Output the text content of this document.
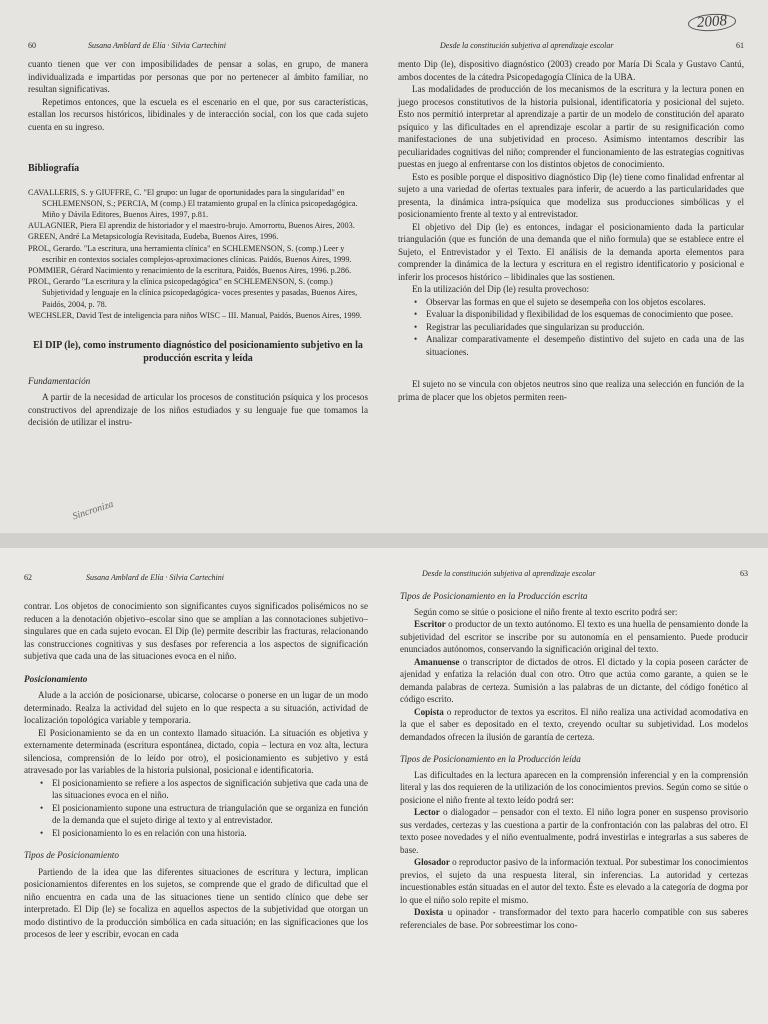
60	Susana Amblard de Elía · Silvia Cartechini

cuanto tienen que ver con imposibilidades de pensar a solas, en grupo, de manera individualizada e impartidas por personas que por no pertenecer al ámbito familiar, no resultan significativas.

Repetimos entonces, que la escuela es el escenario en el que, por sus características, estallan los recursos históricos, libidinales y de interacción social, con los que cada sujeto cuenta en su ingreso.

Bibliografía

CAVALLERIS, S. y GIUFFRE, C. "El grupo: un lugar de oportunidades para la singularidad" en SCHLEMENSON, S.; PERCIA, M (comp.) El tratamiento grupal en la clínica psicopedagógica. Miño y Dávila Editores, Buenos Aires, 1997, p.81.

AULAGNIER, Piera El aprendiz de historiador y el maestro-brujo. Amorrortu, Buenos Aires, 2003.

GREEN, André La Metapsicología Revisitada, Eudeba, Buenos Aires, 1996.

PROL, Gerardo. "La escritura, una herramienta clínica" en SCHLEMENSON, S. (comp.) Leer y escribir en contextos sociales complejos-aproximaciones clínicas. Paidós, Buenos Aires, 1999.

POMMIER, Gérard Nacimiento y renacimiento de la escritura, Paidós, Buenos Aires, 1996. p.286.

PROL, Gerardo "La escritura y la clínica psicopedagógica" en SCHLEMENSON, S. (comp.) Subjetividad y lenguaje en la clínica psicopedagógica- voces presentes y pasadas, Buenos Aires, Paidós, 2004, p. 78.

WECHSLER, David Test de inteligencia para niños WISC – III. Manual, Paidós, Buenos Aires, 1999.

El DIP (le), como instrumento diagnóstico del posicionamiento subjetivo en la producción escrita y leída

Fundamentación

A partir de la necesidad de articular los procesos de constitución psíquica y los procesos constructivos del aprendizaje de los niños estudiados y su lenguaje fue que tomamos la decisión de utilizar el instru-

Sincroniza
Desde la constitución subjetiva al aprendizaje escolar	61

mento Dip (le), dispositivo diagnóstico (2003) creado por María Di Scala y Gustavo Cantú, ambos docentes de la cátedra Psicopedagogía Clínica de la UBA.

Las modalidades de producción de los mecanismos de la escritura y la lectura ponen en juego procesos constitutivos de la historia pulsional, identificatoria y posicional del sujeto. Esto nos permitió interpretar al aprendizaje a partir de un modelo de constitución del aparato psíquico y las dificultades en el aprendizaje escolar a partir de su resignificación como manifestaciones de una subjetividad en proceso. Asimismo intentamos describir las peculiaridades cognitivas del niño; comprender el funcionamiento de las estrategias cognitivas puestas en juego al enfrentarse con los distintos objetos de conocimiento.

Esto es posible porque el dispositivo diagnóstico Dip (le) tiene como finalidad enfrentar al sujeto a una variedad de ofertas textuales para inferir, de acuerdo a las particularidades que presenta, la dinámica intra-psíquica que modeliza sus producciones simbólicas y el posicionamiento frente al texto y al entrevistador.

El objetivo del Dip (le) es entonces, indagar el posicionamiento dada la particular triangulación (que es función de una demanda que el niño formula) que se establece entre el Sujeto, el Entrevistador y el Texto. El análisis de la demanda aporta elementos para comprender la dinámica de la lectura y escritura en el registro identificatorio y posicional e inferir los procesos histórico – libidinales que las sostienen.

En la utilización del Dip (le) resulta provechoso:

• Observar las formas en que el sujeto se desempeña con los objetos escolares.
• Evaluar la disponibilidad y flexibilidad de los esquemas de conocimiento que posee.
• Registrar las peculiaridades que singularizan su producción.
• Analizar comparativamente el desempeño distintivo del sujeto en cada una de las situaciones.

El sujeto no se vincula con objetos neutros sino que realiza una selección en función de la prima de placer que los objetos permiten reen-

2008
62	Susana Amblard de Elía · Silvia Cartechini

contrar. Los objetos de conocimiento son significantes cuyos significados polisémicos no se reducen a la denotación objetivo–escolar sino que se amplían a las connotaciones subjetivo–singulares que en cada sujeto evocan. El Dip (le) permite describir las fracturas, relacionando las construcciones cognitivas y sus desfases por referencia a los aspectos de significación subjetiva que cada una de las situaciones evoca en el niño.

Posicionamiento

Alude a la acción de posicionarse, ubicarse, colocarse o ponerse en un lugar de un modo determinado. Realza la actividad del sujeto en lo que respecta a su situación, actividad de localización topológica variable y temporaria.

El Posicionamiento se da en un contexto llamado situación. La situación es objetiva y externamente determinada (escritura espontánea, dictado, copia – lectura en voz alta, lectura silenciosa, comprensión de lo leído por otro), el posicionamiento es subjetivo y está atravesado por las variables de la historia pulsional, posicional e identificatoria.

• El posicionamiento se refiere a los aspectos de significación subjetiva que cada una de las situaciones evoca en el niño.
• El posicionamiento supone una estructura de triangulación que se organiza en función de la demanda que el sujeto dirige al texto y al entrevistador.
• El posicionamiento lo es en relación con una historia.

Tipos de Posicionamiento

Partiendo de la idea que las diferentes situaciones de escritura y lectura, implican posicionamientos diferentes en los sujetos, se comprende que el grado de dificultad que el niño encuentra en cada una de las situaciones tiene un sentido clínico que debe ser interpretado. El Dip (le) se focaliza en aquellos aspectos de la subjetividad que otorgan un modo distintivo de la producción simbólica en cada situación; en las significaciones que los procesos de leer y escribir, evocan en cada

Desde la constitución subjetiva al aprendizaje escolar	63

Tipos de Posicionamiento en la Producción escrita

Según como se sitúe o posicione el niño frente al texto escrito podrá ser:

Escritor o productor de un texto autónomo. El texto es una huella de pensamiento donde la subjetividad del escritor se inscribe por su autonomía en el pensamiento. Puede producir enunciados autónomos, conservando la significación original del texto.

Amanuense o transcriptor de dictados de otros. El dictado y la copia poseen carácter de ajenidad y enfatiza la relación dual con otro. Otro que actúa como garante, a quien se le demanda palabras de certeza. Sumisión a las palabras de un dictante, del código fonético al código escrito.

Copista o reproductor de textos ya escritos. El niño realiza una actividad acomodativa en la que el saber es depositado en el texto, creyendo ocultar su subjetividad. Los modelos demandados ofrecen la ilusión de garantía de certeza.

Tipos de Posicionamiento en la Producción leída

Las dificultades en la lectura aparecen en la comprensión inferencial y en la comprensión literal y las dos requieren de la utilización de los conocimientos previos. Según como se sitúe o posicione el niño frente al texto leído podrá ser:

Lector o dialogador – pensador con el texto. El niño logra poner en suspenso provisorio sus verdades, certezas y las cuestiona a partir de la confrontación con las palabras del otro. El texto posee novedades y el niño eventualmente, podrá investirlas e integrarlas a sus saberes de base.

Glosador o reproductor pasivo de la información textual. Por subestimar los conocimientos previos, el sujeto da una respuesta literal, sin inferencias. La autoridad y certezas incuestionables están situadas en el autor del texto. Éste es elevado a la categoría de dogma por lo que el niño solo repite el mismo.

Doxista u opinador - transformador del texto para hacerlo compatible con sus saberes referenciales de base. Por sobreestimar los cono-
